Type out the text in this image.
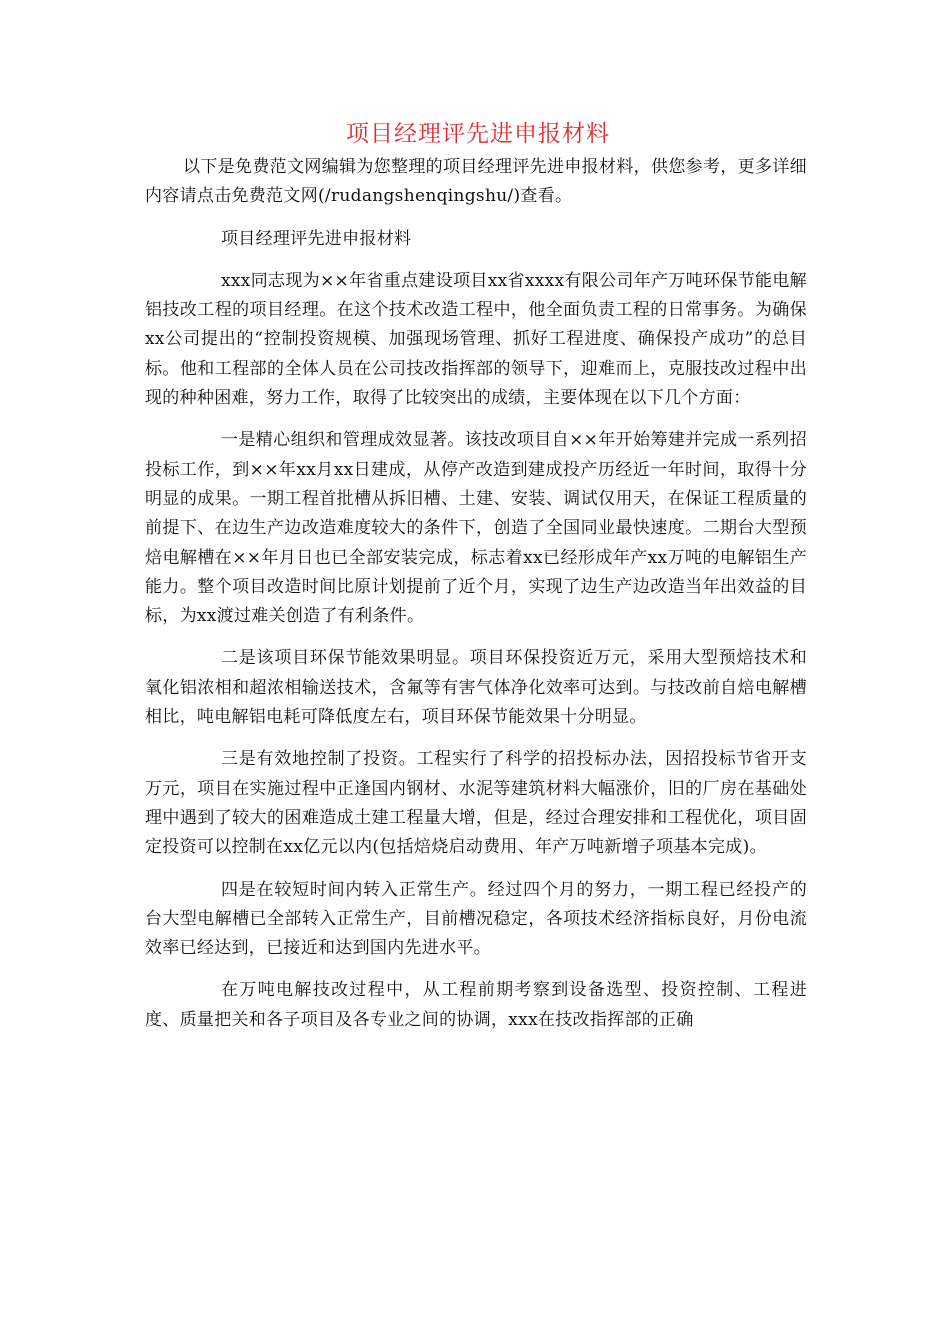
项目经理评先进申报材料

以下是免费范文网编辑为您整理的项目经理评先进申报材料，供您参考，更多详细内容请点击免费范文网(/rudangshenqingshu/)查看。

项目经理评先进申报材料

xxx同志现为××年省重点建设项目xx省xxxx有限公司年产万吨环保节能电解铝技改工程的项目经理。在这个技术改造工程中，他全面负责工程的日常事务。为确保xx公司提出的“控制投资规模、加强现场管理、抓好工程进度、确保投产成功”的总目标。他和工程部的全体人员在公司技改指挥部的领导下，迎难而上，克服技改过程中出现的种种困难，努力工作，取得了比较突出的成绩，主要体现在以下几个方面：

一是精心组织和管理成效显著。该技改项目自××年开始筹建并完成一系列招投标工作，到××年xx月xx日建成，从停产改造到建成投产历经近一年时间，取得十分明显的成果。一期工程首批槽从拆旧槽、土建、安装、调试仅用天，在保证工程质量的前提下、在边生产边改造难度较大的条件下，创造了全国同业最快速度。二期台大型预焙电解槽在××年月日也已全部安装完成，标志着xx已经形成年产xx万吨的电解铝生产能力。整个项目改造时间比原计划提前了近个月，实现了边生产边改造当年出效益的目标，为xx渡过难关创造了有利条件。

二是该项目环保节能效果明显。项目环保投资近万元，采用大型预焙技术和氧化铝浓相和超浓相输送技术，含氟等有害气体净化效率可达到。与技改前自焙电解槽相比，吨电解铝电耗可降低度左右，项目环保节能效果十分明显。

三是有效地控制了投资。工程实行了科学的招投标办法，因招投标节省开支万元，项目在实施过程中正逢国内钢材、水泥等建筑材料大幅涨价，旧的厂房在基础处理中遇到了较大的困难造成土建工程量大增，但是，经过合理安排和工程优化，项目固定投资可以控制在xx亿元以内(包括焙烧启动费用、年产万吨新增子项基本完成)。

四是在较短时间内转入正常生产。经过四个月的努力，一期工程已经投产的台大型电解槽已全部转入正常生产，目前槽况稳定，各项技术经济指标良好，月份电流效率已经达到，已接近和达到国内先进水平。

在万吨电解技改过程中，从工程前期考察到设备选型、投资控制、工程进度、质量把关和各子项目及各专业之间的协调，xxx在技改指挥部的正确
